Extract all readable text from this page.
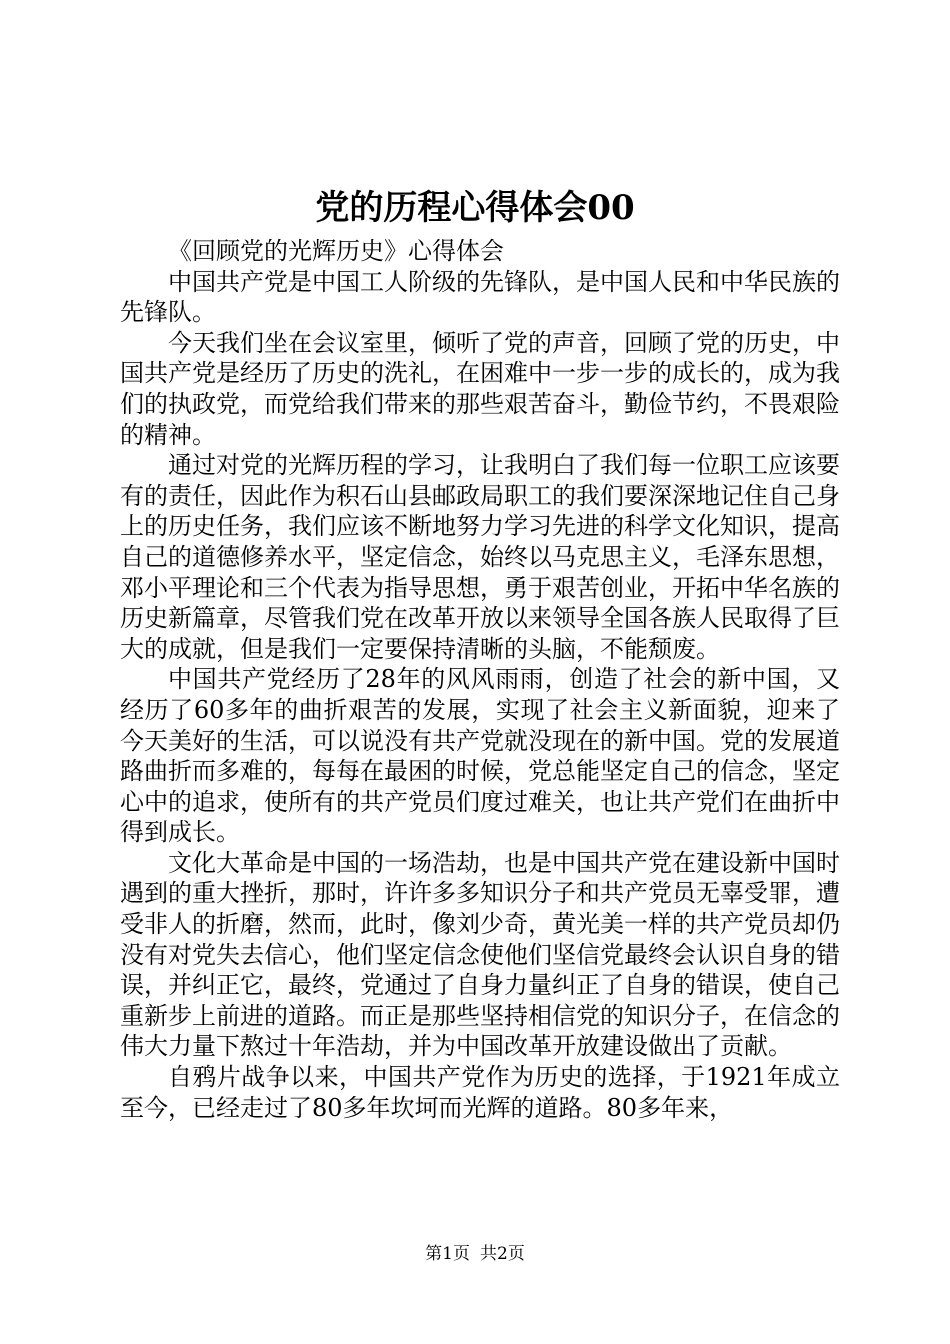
党的历程心得体会00

《回顾党的光辉历史》心得体会

中国共产党是中国工人阶级的先锋队，是中国人民和中华民族的先锋队。

今天我们坐在会议室里，倾听了党的声音，回顾了党的历史，中国共产党是经历了历史的洗礼，在困难中一步一步的成长的，成为我们的执政党，而党给我们带来的那些艰苦奋斗，勤俭节约，不畏艰险的精神。

通过对党的光辉历程的学习，让我明白了我们每一位职工应该要有的责任，因此作为积石山县邮政局职工的我们要深深地记住自己身上的历史任务，我们应该不断地努力学习先进的科学文化知识，提高自己的道德修养水平，坚定信念，始终以马克思主义，毛泽东思想，邓小平理论和三个代表为指导思想，勇于艰苦创业，开拓中华名族的历史新篇章，尽管我们党在改革开放以来领导全国各族人民取得了巨大的成就，但是我们一定要保持清晰的头脑，不能颓废。

中国共产党经历了28年的风风雨雨，创造了社会的新中国，又经历了60多年的曲折艰苦的发展，实现了社会主义新面貌，迎来了今天美好的生活，可以说没有共产党就没现在的新中国。党的发展道路曲折而多难的，每每在最困的时候，党总能坚定自己的信念，坚定心中的追求，使所有的共产党员们度过难关，也让共产党们在曲折中得到成长。

文化大革命是中国的一场浩劫，也是中国共产党在建设新中国时遇到的重大挫折，那时，许许多多知识分子和共产党员无辜受罪，遭受非人的折磨，然而，此时，像刘少奇，黄光美一样的共产党员却仍没有对党失去信心，他们坚定信念使他们坚信党最终会认识自身的错误，并纠正它，最终，党通过了自身力量纠正了自身的错误，使自己重新步上前进的道路。而正是那些坚持相信党的知识分子，在信念的伟大力量下熬过十年浩劫，并为中国改革开放建设做出了贡献。

自鸦片战争以来，中国共产党作为历史的选择，于1921年成立至今，已经走过了80多年坎坷而光辉的道路。80多年来，

第1页 共2页
